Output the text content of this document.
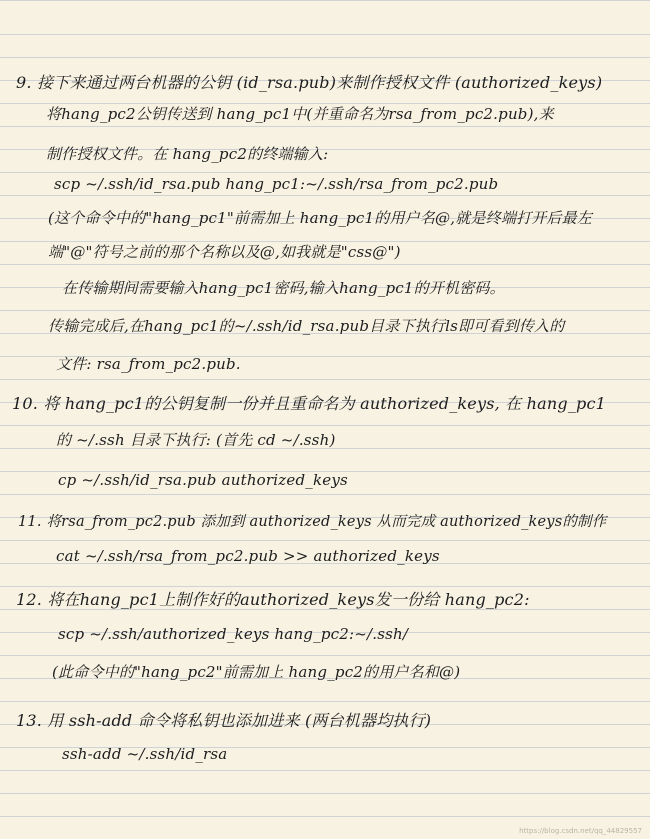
9. 接下来通过两台机器的公钥 (id_rsa.pub)来制作授权文件 (authorized_keys)
将hang_pc2公钥传送到 hang_pc1中(并重命名为rsa_from_pc2.pub),来
制作授权文件。在 hang_pc2的终端输入:
scp ~/.ssh/id_rsa.pub hang_pc1:~/.ssh/rsa_from_pc2.pub
(这个命令中的"hang_pc1"前需加上 hang_pc1的用户名@,就是终端打开后最左
端"@"符号之前的那个名称以及@,如我就是"css@")
在传输期间需要输入hang_pc1密码,输入hang_pc1的开机密码。
传输完成后,在hang_pc1的~/.ssh/id_rsa.pub目录下执行ls即可看到传入的
文件: rsa_from_pc2.pub.
10. 将 hang_pc1的公钥复制一份并且重命名为 authorized_keys, 在 hang_pc1
的 ~/.ssh 目录下执行: (首先 cd ~/.ssh)
cp ~/.ssh/id_rsa.pub authorized_keys
11. 将rsa_from_pc2.pub 添加到 authorized_keys 从而完成 authorized_keys的制作
cat ~/.ssh/rsa_from_pc2.pub >> authorized_keys
12. 将在hang_pc1上制作好的authorized_keys发一份给 hang_pc2:
scp ~/.ssh/authorized_keys hang_pc2:~/.ssh/
(此命令中的"hang_pc2"前需加上 hang_pc2的用户名和@)
13. 用 ssh-add 命令将私钥也添加进来 (两台机器均执行)
ssh-add ~/.ssh/id_rsa
https://blog.csdn.net/qq_44829557
